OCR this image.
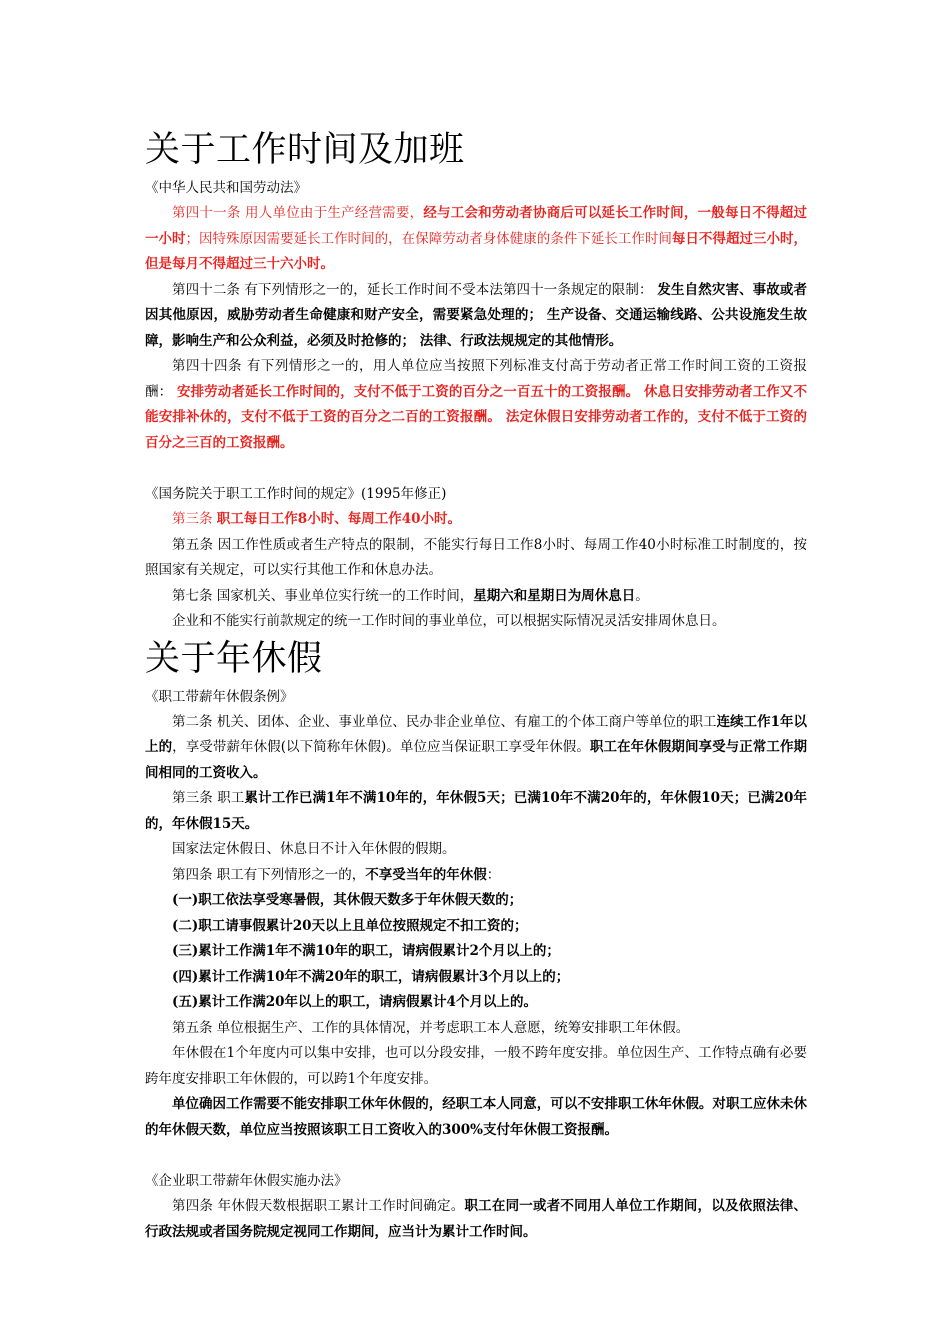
关于工作时间及加班

《中华人民共和国劳动法》

第四十一条 用人单位由于生产经营需要，经与工会和劳动者协商后可以延长工作时间，一般每日不得超过一小时；因特殊原因需要延长工作时间的，在保障劳动者身体健康的条件下延长工作时间每日不得超过三小时，但是每月不得超过三十六小时。

第四十二条 有下列情形之一的，延长工作时间不受本法第四十一条规定的限制： 发生自然灾害、事故或者因其他原因，威胁劳动者生命健康和财产安全，需要紧急处理的； 生产设备、交通运输线路、公共设施发生故障，影响生产和公众利益，必须及时抢修的； 法律、行政法规规定的其他情形。

第四十四条 有下列情形之一的，用人单位应当按照下列标准支付高于劳动者正常工作时间工资的工资报酬： 安排劳动者延长工作时间的，支付不低于工资的百分之一百五十的工资报酬。 休息日安排劳动者工作又不能安排补休的，支付不低于工资的百分之二百的工资报酬。 法定休假日安排劳动者工作的，支付不低于工资的百分之三百的工资报酬。

《国务院关于职工工作时间的规定》(1995年修正)

第三条 职工每日工作8小时、每周工作40小时。

第五条 因工作性质或者生产特点的限制，不能实行每日工作8小时、每周工作40小时标准工时制度的，按照国家有关规定，可以实行其他工作和休息办法。

第七条 国家机关、事业单位实行统一的工作时间，星期六和星期日为周休息日。

企业和不能实行前款规定的统一工作时间的事业单位，可以根据实际情况灵活安排周休息日。

关于年休假

《职工带薪年休假条例》

第二条 机关、团体、企业、事业单位、民办非企业单位、有雇工的个体工商户等单位的职工连续工作1年以上的，享受带薪年休假(以下简称年休假)。单位应当保证职工享受年休假。职工在年休假期间享受与正常工作期间相同的工资收入。

第三条 职工累计工作已满1年不满10年的，年休假5天；已满10年不满20年的，年休假10天；已满20年的，年休假15天。

国家法定休假日、休息日不计入年休假的假期。

第四条 职工有下列情形之一的，不享受当年的年休假：

(一)职工依法享受寒暑假，其休假天数多于年休假天数的；

(二)职工请事假累计20天以上且单位按照规定不扣工资的；

(三)累计工作满1年不满10年的职工，请病假累计2个月以上的；

(四)累计工作满10年不满20年的职工，请病假累计3个月以上的；

(五)累计工作满20年以上的职工，请病假累计4个月以上的。

第五条 单位根据生产、工作的具体情况，并考虑职工本人意愿，统筹安排职工年休假。

年休假在1个年度内可以集中安排，也可以分段安排，一般不跨年度安排。单位因生产、工作特点确有必要跨年度安排职工年休假的，可以跨1个年度安排。

单位确因工作需要不能安排职工休年休假的，经职工本人同意，可以不安排职工休年休假。对职工应休未休的年休假天数，单位应当按照该职工日工资收入的300%支付年休假工资报酬。

《企业职工带薪年休假实施办法》

第四条 年休假天数根据职工累计工作时间确定。职工在同一或者不同用人单位工作期间，以及依照法律、行政法规或者国务院规定视同工作期间，应当计为累计工作时间。
